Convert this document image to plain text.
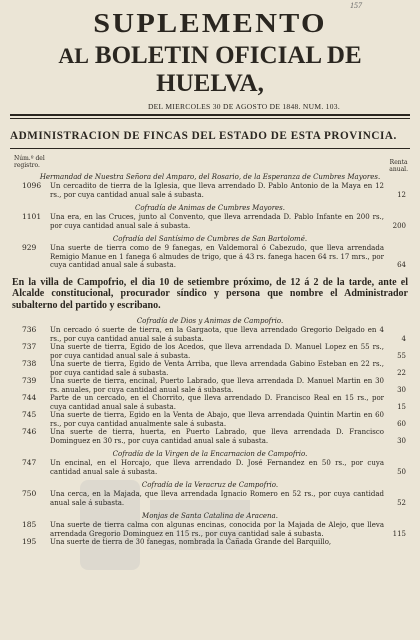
157
SUPLEMENTO
AL BOLETIN OFICIAL DE HUELVA,
DEL MIERCOLES 30 DE AGOSTO DE 1848. NUM. 103.
ADMINISTRACION DE FINCAS DEL ESTADO DE ESTA PROVINCIA.
Núm.º del
registro.	Renta
anual.
Hermandad de Nuestra Señora del Amparo, del Rosario, de la Esperanza de Cumbres Mayores.
1096 Un cercadito de tierra de la Iglesia, que lleva arrendado D. Pablo Antonio de la Maya en 12 rs., por cuya cantidad anual sale á subasta.	12
Cofradía de Animas de Cumbres Mayores.
1101 Una era, en las Cruces, junto al Convento, que lleva arrendada D. Pablo Infante en 200 rs., por cuya cantidad anual sale á subasta.	200
Cofradía del Santísimo de Cumbres de San Bartolomé.
929 Una suerte de tierra como de 9 fanegas, en Valdemoral ó Cabezudo, que lleva arrendada Remigio Manue en 1 fanega 6 almudes de trigo, que á 43 rs. fanega hacen 64 rs. 17 mrs., por cuya cantidad anual sale á subasta.	64
En la villa de Campofrio, el dia 10 de setiembre próximo, de 12 á 2 de la tarde, ante el Alcalde constitucional, procurador síndico y persona que nombre el Administrador subalterno del partido y escribano.
Cofradía de Dios y Animas de Campofrio.
736 Un cercado ó suerte de tierra, en la Gargaota, que lleva arrendado Gregorio Delgado en 4 rs., por cuya cantidad anual sale á subasta.	4
737 Una suerte de tierra, Egido de los Acedos, que lleva arrendada D. Manuel Lopez en 55 rs., por cuya cantidad anual sale á subasta.	55
738 Una suerte de tierra, Egido de Venta Arriba, que lleva arrendada Gabino Esteban en 22 rs., por cuya cantidad sale á subasta.	22
739 Una suerte de tierra, encinal, Puerto Labrado, que lleva arrendada D. Manuel Martin en 30 rs. anuales, por cuya cantidad anual sale á subasta.	30
744 Parte de un cercado, en el Chorrito, que lleva arrendado D. Francisco Real en 15 rs., por cuya cantidad anual sale á subasta.	15
745 Una suerte de tierra, Egido en la Venta de Abajo, que lleva arrendada Quintin Martin en 60 rs., por cuya cantidad anualmente sale á subasta.	60
746 Una suerte de tierra, huerta, en Puerto Labrado, que lleva arrendada D. Francisco Dominguez en 30 rs., por cuya cantidad anual sale á subasta.	30
Cofradía de la Virgen de la Encarnacion de Campofrio.
747 Un encinal, en el Horcajo, que lleva arrendado D. José Fernandez en 50 rs., por cuya cantidad anual sale á subasta.	50
Cofradía de la Veracruz de Campofrio.
750 Una cerca, en la Majada, que lleva arrendada Ignacio Romero en 52 rs., por cuya cantidad anual sale á subasta.	52
Monjas de Santa Catalina de Aracena.
185 Una suerte de tierra calma con algunas encinas, conocida por la Majada de Alejo, que lleva arrendada Gregorio Dominguez en 115 rs., por cuya cantidad sale á subasta.	115
195 Una suerte de tierra de 30 fanegas, nombrada la Cañada Grande del Barquillo,
